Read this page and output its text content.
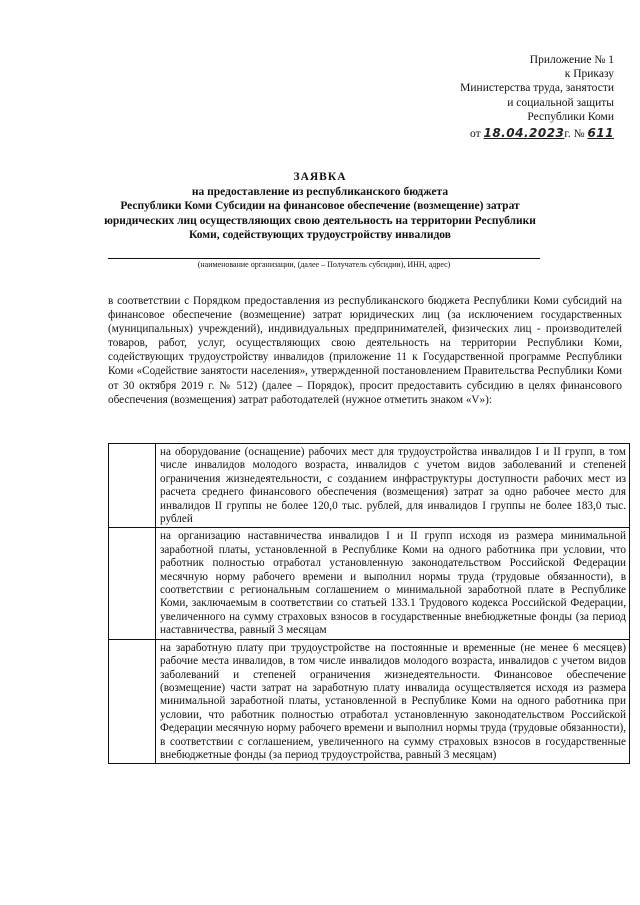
Приложение № 1
к Приказу
Министерства труда, занятости
и социальной защиты
Республики Коми
от 18.04.2023г. № 611
ЗАЯВКА
на предоставление из республиканского бюджета
Республики Коми Субсидии на финансовое обеспечение (возмещение) затрат
юридических лиц осуществляющих свою деятельность на территории Республики
Коми, содействующих трудоустройству инвалидов
(наименование организации, (далее – Получатель субсидии), ИНН, адрес)

в соответствии с Порядком предоставления из республиканского бюджета Республики Коми субсидий на финансовое обеспечение (возмещение) затрат юридических лиц (за исключением государственных (муниципальных) учреждений), индивидуальных предпринимателей, физических лиц - производителей товаров, работ, услуг, осуществляющих свою деятельность на территории Республики Коми, содействующих трудоустройству инвалидов (приложение 11 к Государственной программе Республики Коми «Содействие занятости населения», утвержденной постановлением Правительства Республики Коми от 30 октября 2019 г. № 512) (далее – Порядок), просит предоставить субсидию в целях финансового обеспечения (возмещения) затрат работодателей (нужное отметить знаком «V»):

	на оборудование (оснащение) рабочих мест для трудоустройства инвалидов I и II групп, в том числе инвалидов молодого возраста, инвалидов с учетом видов заболеваний и степеней ограничения жизнедеятельности, с созданием инфраструктуры доступности рабочих мест из расчета среднего финансового обеспечения (возмещения) затрат за одно рабочее место для инвалидов II группы не более 120,0 тыс. рублей, для инвалидов I группы не более 183,0 тыс. рублей
	на организацию наставничества инвалидов I и II групп исходя из размера минимальной заработной платы, установленной в Республике Коми на одного работника при условии, что работник полностью отработал установленную законодательством Российской Федерации месячную норму рабочего времени и выполнил нормы труда (трудовые обязанности), в соответствии с региональным соглашением о минимальной заработной плате в Республике Коми, заключаемым в соответствии со статьей 133.1 Трудового кодекса Российской Федерации, увеличенного на сумму страховых взносов в государственные внебюджетные фонды (за период наставничества, равный 3 месяцам
	на заработную плату при трудоустройстве на постоянные и временные (не менее 6 месяцев) рабочие места инвалидов, в том числе инвалидов молодого возраста, инвалидов с учетом видов заболеваний и степеней ограничения жизнедеятельности. Финансовое обеспечение (возмещение) части затрат на заработную плату инвалида осуществляется исходя из размера минимальной заработной платы, установленной в Республике Коми на одного работника при условии, что работник полностью отработал установленную законодательством Российской Федерации месячную норму рабочего времени и выполнил нормы труда (трудовые обязанности), в соответствии с соглашением, увеличенного на сумму страховых взносов в государственные внебюджетные фонды (за период трудоустройства, равный 3 месяцам)
